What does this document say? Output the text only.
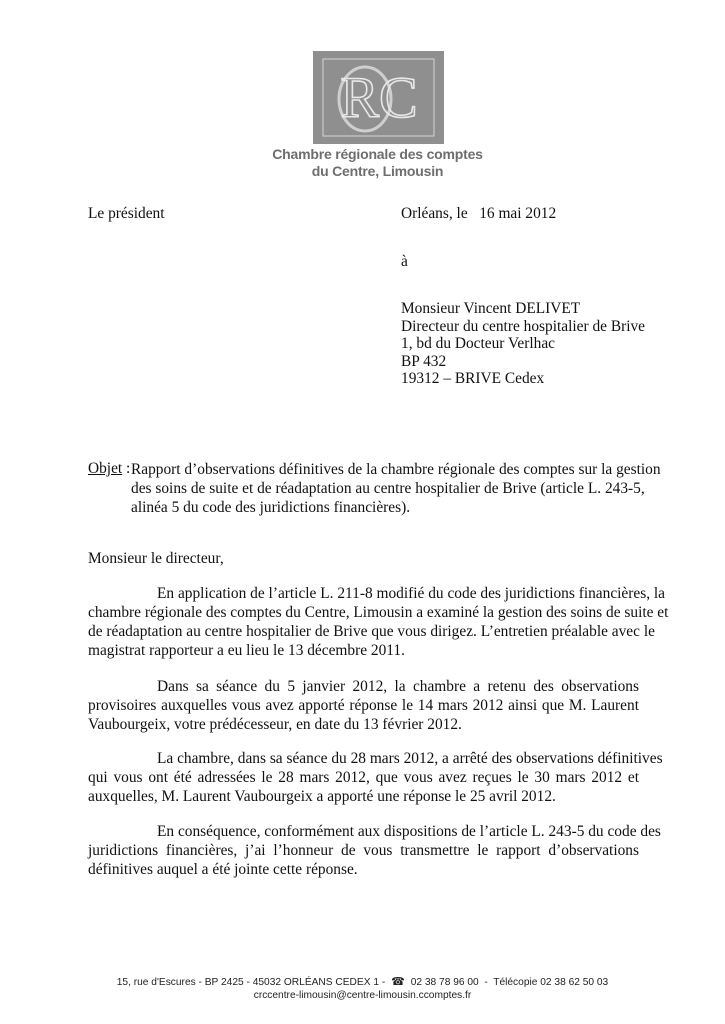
RC
Chambre régionale des comptes
du Centre, Limousin
Le président	Orléans, le   16 mai 2012
à
Monsieur Vincent DELIVET
Directeur du centre hospitalier de Brive
1, bd du Docteur Verlhac
BP 432
19312 – BRIVE Cedex
Objet : Rapport d’observations définitives de la chambre régionale des comptes sur la gestion
des soins de suite et de réadaptation au centre hospitalier de Brive (article L. 243-5,
alinéa 5 du code des juridictions financières).
Monsieur le directeur,
En application de l’article L. 211-8 modifié du code des juridictions financières, la
chambre régionale des comptes du Centre, Limousin a examiné la gestion des soins de suite et
de réadaptation au centre hospitalier de Brive que vous dirigez. L’entretien préalable avec le
magistrat rapporteur a eu lieu le 13 décembre 2011.
Dans sa séance du 5 janvier 2012, la chambre a retenu des observations
provisoires auxquelles vous avez apporté réponse le 14 mars 2012 ainsi que M. Laurent
Vaubourgeix, votre prédécesseur, en date du 13 février 2012.
La chambre, dans sa séance du 28 mars 2012, a arrêté des observations définitives
qui vous ont été adressées le 28 mars 2012, que vous avez reçues le 30 mars 2012 et
auxquelles, M. Laurent Vaubourgeix a apporté une réponse le 25 avril 2012.
En conséquence, conformément aux dispositions de l’article L. 243-5 du code des
juridictions financières, j’ai l’honneur de vous transmettre le rapport d’observations
définitives auquel a été jointe cette réponse.
15, rue d'Escures - BP 2425 - 45032 ORLÉANS CEDEX 1 -  ☎  02 38 78 96 00  -  Télécopie 02 38 62 50 03
crccentre-limousin@centre-limousin.ccomptes.fr
